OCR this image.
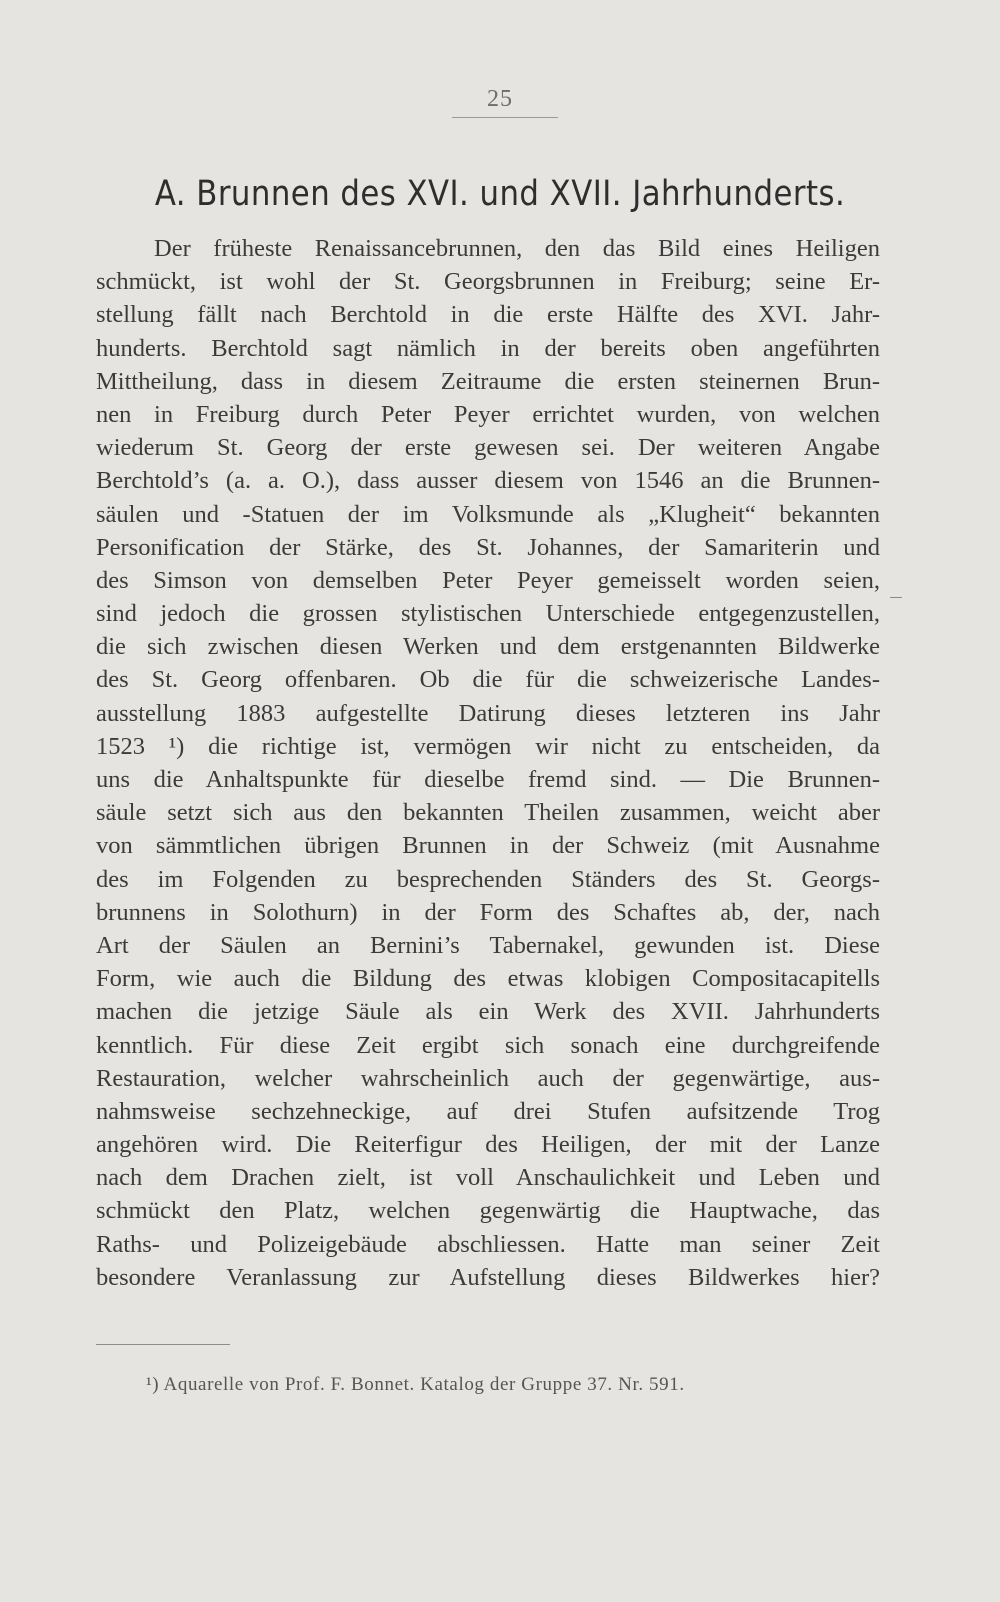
25
A. Brunnen des XVI. und XVII. Jahrhunderts.
Der früheste Renaissancebrunnen, den das Bild eines Heiligen
schmückt, ist wohl der St. Georgsbrunnen in Freiburg; seine Er-
stellung fällt nach Berchtold in die erste Hälfte des XVI. Jahr-
hunderts. Berchtold sagt nämlich in der bereits oben angeführten
Mittheilung, dass in diesem Zeitraume die ersten steinernen Brun-
nen in Freiburg durch Peter Peyer errichtet wurden, von welchen
wiederum St. Georg der erste gewesen sei. Der weiteren Angabe
Berchtold’s (a. a. O.), dass ausser diesem von 1546 an die Brunnen-
säulen und -Statuen der im Volksmunde als „Klugheit“ bekannten
Personification der Stärke, des St. Johannes, der Samariterin und
des Simson von demselben Peter Peyer gemeisselt worden seien,
sind jedoch die grossen stylistischen Unterschiede entgegenzustellen,
die sich zwischen diesen Werken und dem erstgenannten Bildwerke
des St. Georg offenbaren. Ob die für die schweizerische Landes-
ausstellung 1883 aufgestellte Datirung dieses letzteren ins Jahr
1523 ¹) die richtige ist, vermögen wir nicht zu entscheiden, da
uns die Anhaltspunkte für dieselbe fremd sind. — Die Brunnen-
säule setzt sich aus den bekannten Theilen zusammen, weicht aber
von sämmtlichen übrigen Brunnen in der Schweiz (mit Ausnahme
des im Folgenden zu besprechenden Ständers des St. Georgs-
brunnens in Solothurn) in der Form des Schaftes ab, der, nach
Art der Säulen an Bernini’s Tabernakel, gewunden ist. Diese
Form, wie auch die Bildung des etwas klobigen Compositacapitells
machen die jetzige Säule als ein Werk des XVII. Jahrhunderts
kenntlich. Für diese Zeit ergibt sich sonach eine durchgreifende
Restauration, welcher wahrscheinlich auch der gegenwärtige, aus-
nahmsweise sechzehneckige, auf drei Stufen aufsitzende Trog
angehören wird. Die Reiterfigur des Heiligen, der mit der Lanze
nach dem Drachen zielt, ist voll Anschaulichkeit und Leben und
schmückt den Platz, welchen gegenwärtig die Hauptwache, das
Raths- und Polizeigebäude abschliessen. Hatte man seiner Zeit
besondere Veranlassung zur Aufstellung dieses Bildwerkes hier?
¹) Aquarelle von Prof. F. Bonnet. Katalog der Gruppe 37. Nr. 591.
